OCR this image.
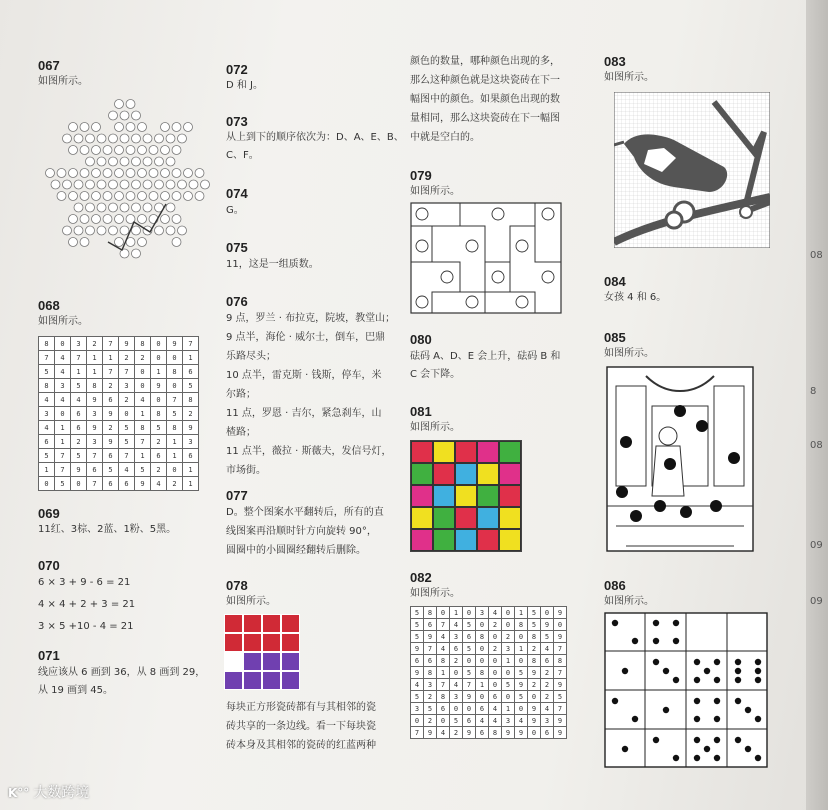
067
如图所示。
068
如图所示。
8	0	3	2	7	9	8	0	9	7
7	4	7	1	1	2	2	0	0	1
5	4	1	1	7	7	0	1	8	6
8	3	5	8	2	3	0	9	0	5
4	4	4	9	6	2	4	0	7	8
3	0	6	3	9	0	1	8	5	2
4	1	6	9	2	5	8	5	8	9
6	1	2	3	9	5	7	2	1	3
5	7	5	7	6	7	1	6	1	6
1	7	9	6	5	4	5	2	0	1
0	5	0	7	6	6	9	4	2	1
069
11红、3棕、2蓝、1粉、5黑。
070
6 × 3 + 9 - 6 = 21
4 × 4 + 2 + 3 = 21
3 × 5 +10 - 4 = 21
071
线应该从 6 画到 36，从 8 画到 29，
从 19 画到 45。
072
D 和 J。
073
从上到下的顺序依次为：D、A、E、B、
C、F。
074
G。
075
11，这是一组质数。
076
9 点，罗兰 · 布拉克，院坡，教堂山；
9 点半，海伦 · 威尔士，倒车，巴鼎
乐路尽头；
10 点半，雷克斯 · 钱斯，停车，米
尔路；
11 点，罗恩 · 吉尔，紧急刹车，山
楂路；
11 点半，薇拉 · 斯薇夫，发信号灯，
市场街。
077
D。整个图案水平翻转后，所有的直
线图案再沿顺时针方向旋转 90°，
圆圈中的小圆圈经翻转后删除。
078
如图所示。
每块正方形瓷砖都有与其相邻的瓷
砖共享的一条边线。看一下每块瓷
砖本身及其相邻的瓷砖的红蓝两种
颜色的数量，哪种颜色出现的多，
那么这种颜色就是这块瓷砖在下一
幅图中的颜色。如果颜色出现的数
量相同，那么这块瓷砖在下一幅图
中就是空白的。
079
如图所示。
080
砝码 A、D、E 会上升，砝码 B 和
C 会下降。
081
如图所示。
082
如图所示。
5	8	0	1	0	3	4	0	1	5	0	9
5	6	7	4	5	0	2	0	8	5	9	0
5	9	4	3	6	8	0	2	0	8	5	9
9	7	4	6	5	0	2	3	1	2	4	7
6	6	8	2	0	0	0	1	0	8	6	8
9	8	1	0	5	8	0	0	5	9	2	7
4	3	7	4	7	1	0	5	9	2	2	9
5	2	8	3	9	0	6	0	5	0	2	5
3	5	6	0	0	6	4	1	0	9	4	7
0	2	0	5	6	4	4	3	4	9	3	9
7	9	4	2	9	6	8	9	9	0	6	9
083
如图所示。
084
女孩 4 和 6。
085
如图所示。
086
如图所示。
08
8
08
09
09
K°° 大数跨境
